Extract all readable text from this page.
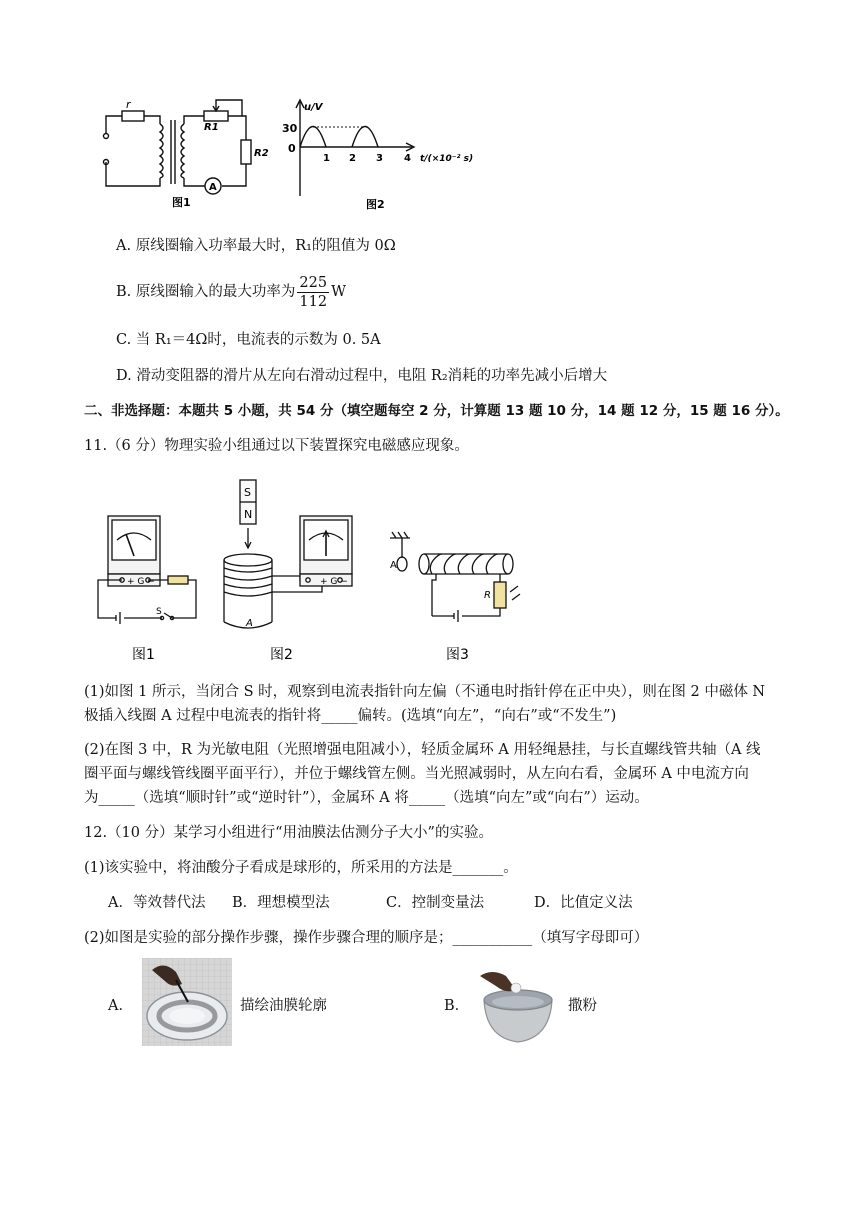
r
R1
R2
A
图1
u/V
30
0
1 2 3 4 t/(×10⁻² s)
图2
A. 原线圈输入功率最大时，R₁的阻值为 0Ω
B. 原线圈输入的最大功率为 $\frac{225}{112}$ W
C. 当 R₁＝4Ω时，电流表的示数为 0. 5A
D. 滑动变阻器的滑片从左向右滑动过程中，电阻 R₂消耗的功率先减小后增大
二、非选择题：本题共 5 小题，共 54 分（填空题每空 2 分，计算题 13 题 10 分，14 题 12 分，15 题 16 分）。
11.（6 分）物理实验小组通过以下装置探究电磁感应现象。
+ G −
S
图1
S
N
+ G −
A
图2
A
R
图3
(1)如图 1 所示，当闭合 S 时，观察到电流表指针向左偏（不通电时指针停在正中央），则在图 2 中磁体 N
极插入线圈 A 过程中电流表的指针将_____偏转。(选填“向左”，“向右”或“不发生”)
(2)在图 3 中，R 为光敏电阻（光照增强电阻减小），轻质金属环 A 用轻绳悬挂，与长直螺线管共轴（A 线
圈平面与螺线管线圈平面平行），并位于螺线管左侧。当光照减弱时，从左向右看，金属环 A 中电流方向
为_____（选填“顺时针”或“逆时针”），金属环 A 将_____（选填“向左”或“向右”）运动。
12.（10 分）某学习小组进行“用油膜法估测分子大小”的实验。
(1)该实验中，将油酸分子看成是球形的，所采用的方法是_______。
A．等效替代法 B．理想模型法	C．控制变量法	D．比值定义法
(2)如图是实验的部分操作步骤，操作步骤合理的顺序是；___________（填写字母即可）
A．	描绘油膜轮廓	B．	撒粉
